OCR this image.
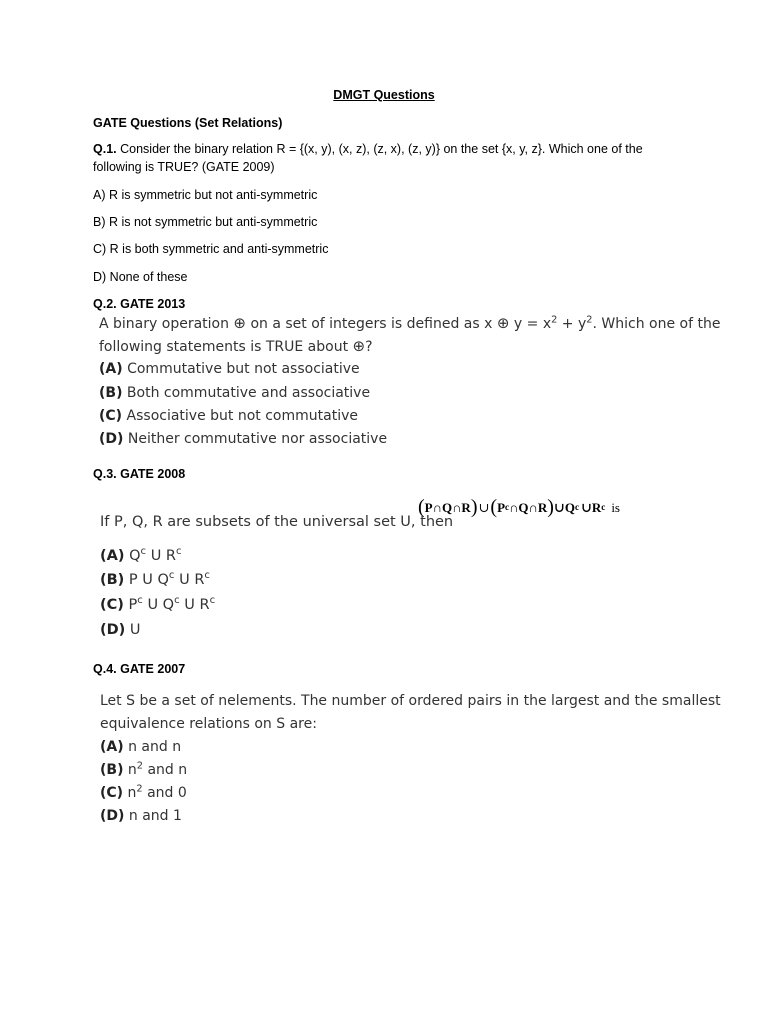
DMGT Questions
GATE Questions (Set Relations)
Q.1. Consider the binary relation R = {(x, y), (x, z), (z, x), (z, y)} on the set {x, y, z}. Which one of the
following is TRUE? (GATE 2009)
A) R is symmetric but not anti-symmetric
B) R is not symmetric but anti-symmetric
C) R is both symmetric and anti-symmetric
D) None of these
Q.2. GATE 2013
A binary operation ⊕ on a set of integers is defined as x ⊕ $y = x^2 + y^2$. Which one of the
following statements is TRUE about ⊕?
(A) Commutative but not associative
(B) Both commutative and associative
(C) Associative but not commutative
(D) Neither commutative nor associative
Q.3. GATE 2008
( P∩Q∩R ) ∪ ( P c ∩Q∩R ) ∪Q c ∪R c is
If P, Q, R are subsets of the universal set U, then
(A) $Q^c$ U $R^c$
(B) P U $Q^c$ U $R^c$
(C) $P^c$ U $Q^c$ U $R^c$
(D) U
Q.4. GATE 2007
Let S be a set of nelements. The number of ordered pairs in the largest and the smallest
equivalence relations on S are:
(A) n and n
(B) $n^2$ and n
(C) $n^2$ and 0
(D) n and 1
